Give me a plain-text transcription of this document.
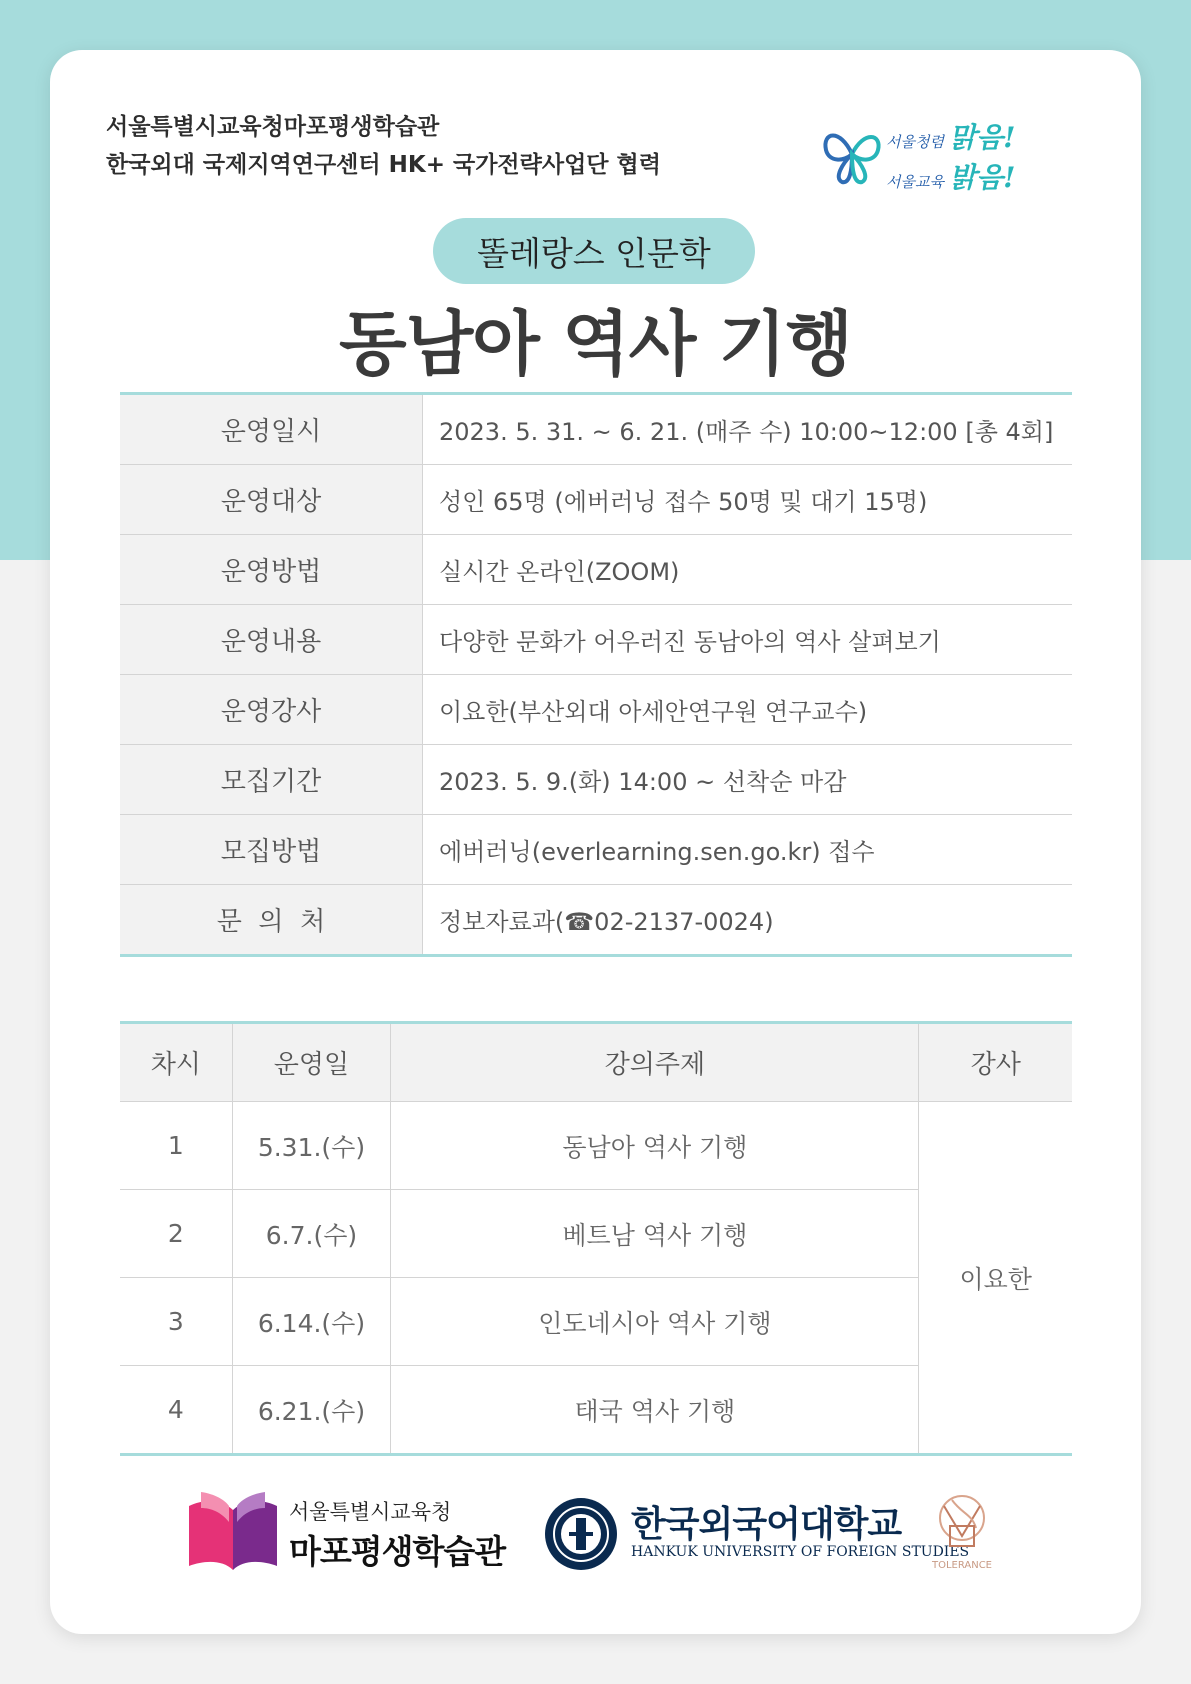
서울특별시교육청마포평생학습관
한국외대 국제지역연구센터 HK+ 국가전략사업단 협력
서울청렴 맑음!
서울교육 밝음!
똘레랑스 인문학
동남아 역사 기행
운영일시	2023. 5. 31. ~ 6. 21. (매주 수) 10:00~12:00 [총 4회]
운영대상	성인 65명 (에버러닝 접수 50명 및 대기 15명)
운영방법	실시간 온라인(ZOOM)
운영내용	다양한 문화가 어우러진 동남아의 역사 살펴보기
운영강사	이요한(부산외대 아세안연구원 연구교수)
모집기간	2023. 5. 9.(화) 14:00 ~ 선착순 마감
모집방법	에버러닝(everlearning.sen.go.kr) 접수
문  의  처	정보자료과(☎02-2137-0024)
차시	운영일	강의주제	강사
1	5.31.(수)	동남아 역사 기행	이요한
2	6.7.(수)	베트남 역사 기행	
3	6.14.(수)	인도네시아 역사 기행	
4	6.21.(수)	태국 역사 기행	
서울특별시교육청
마포평생학습관
한국외국어대학교
HANKUK UNIVERSITY OF FOREIGN STUDIES
TOLERANCE
